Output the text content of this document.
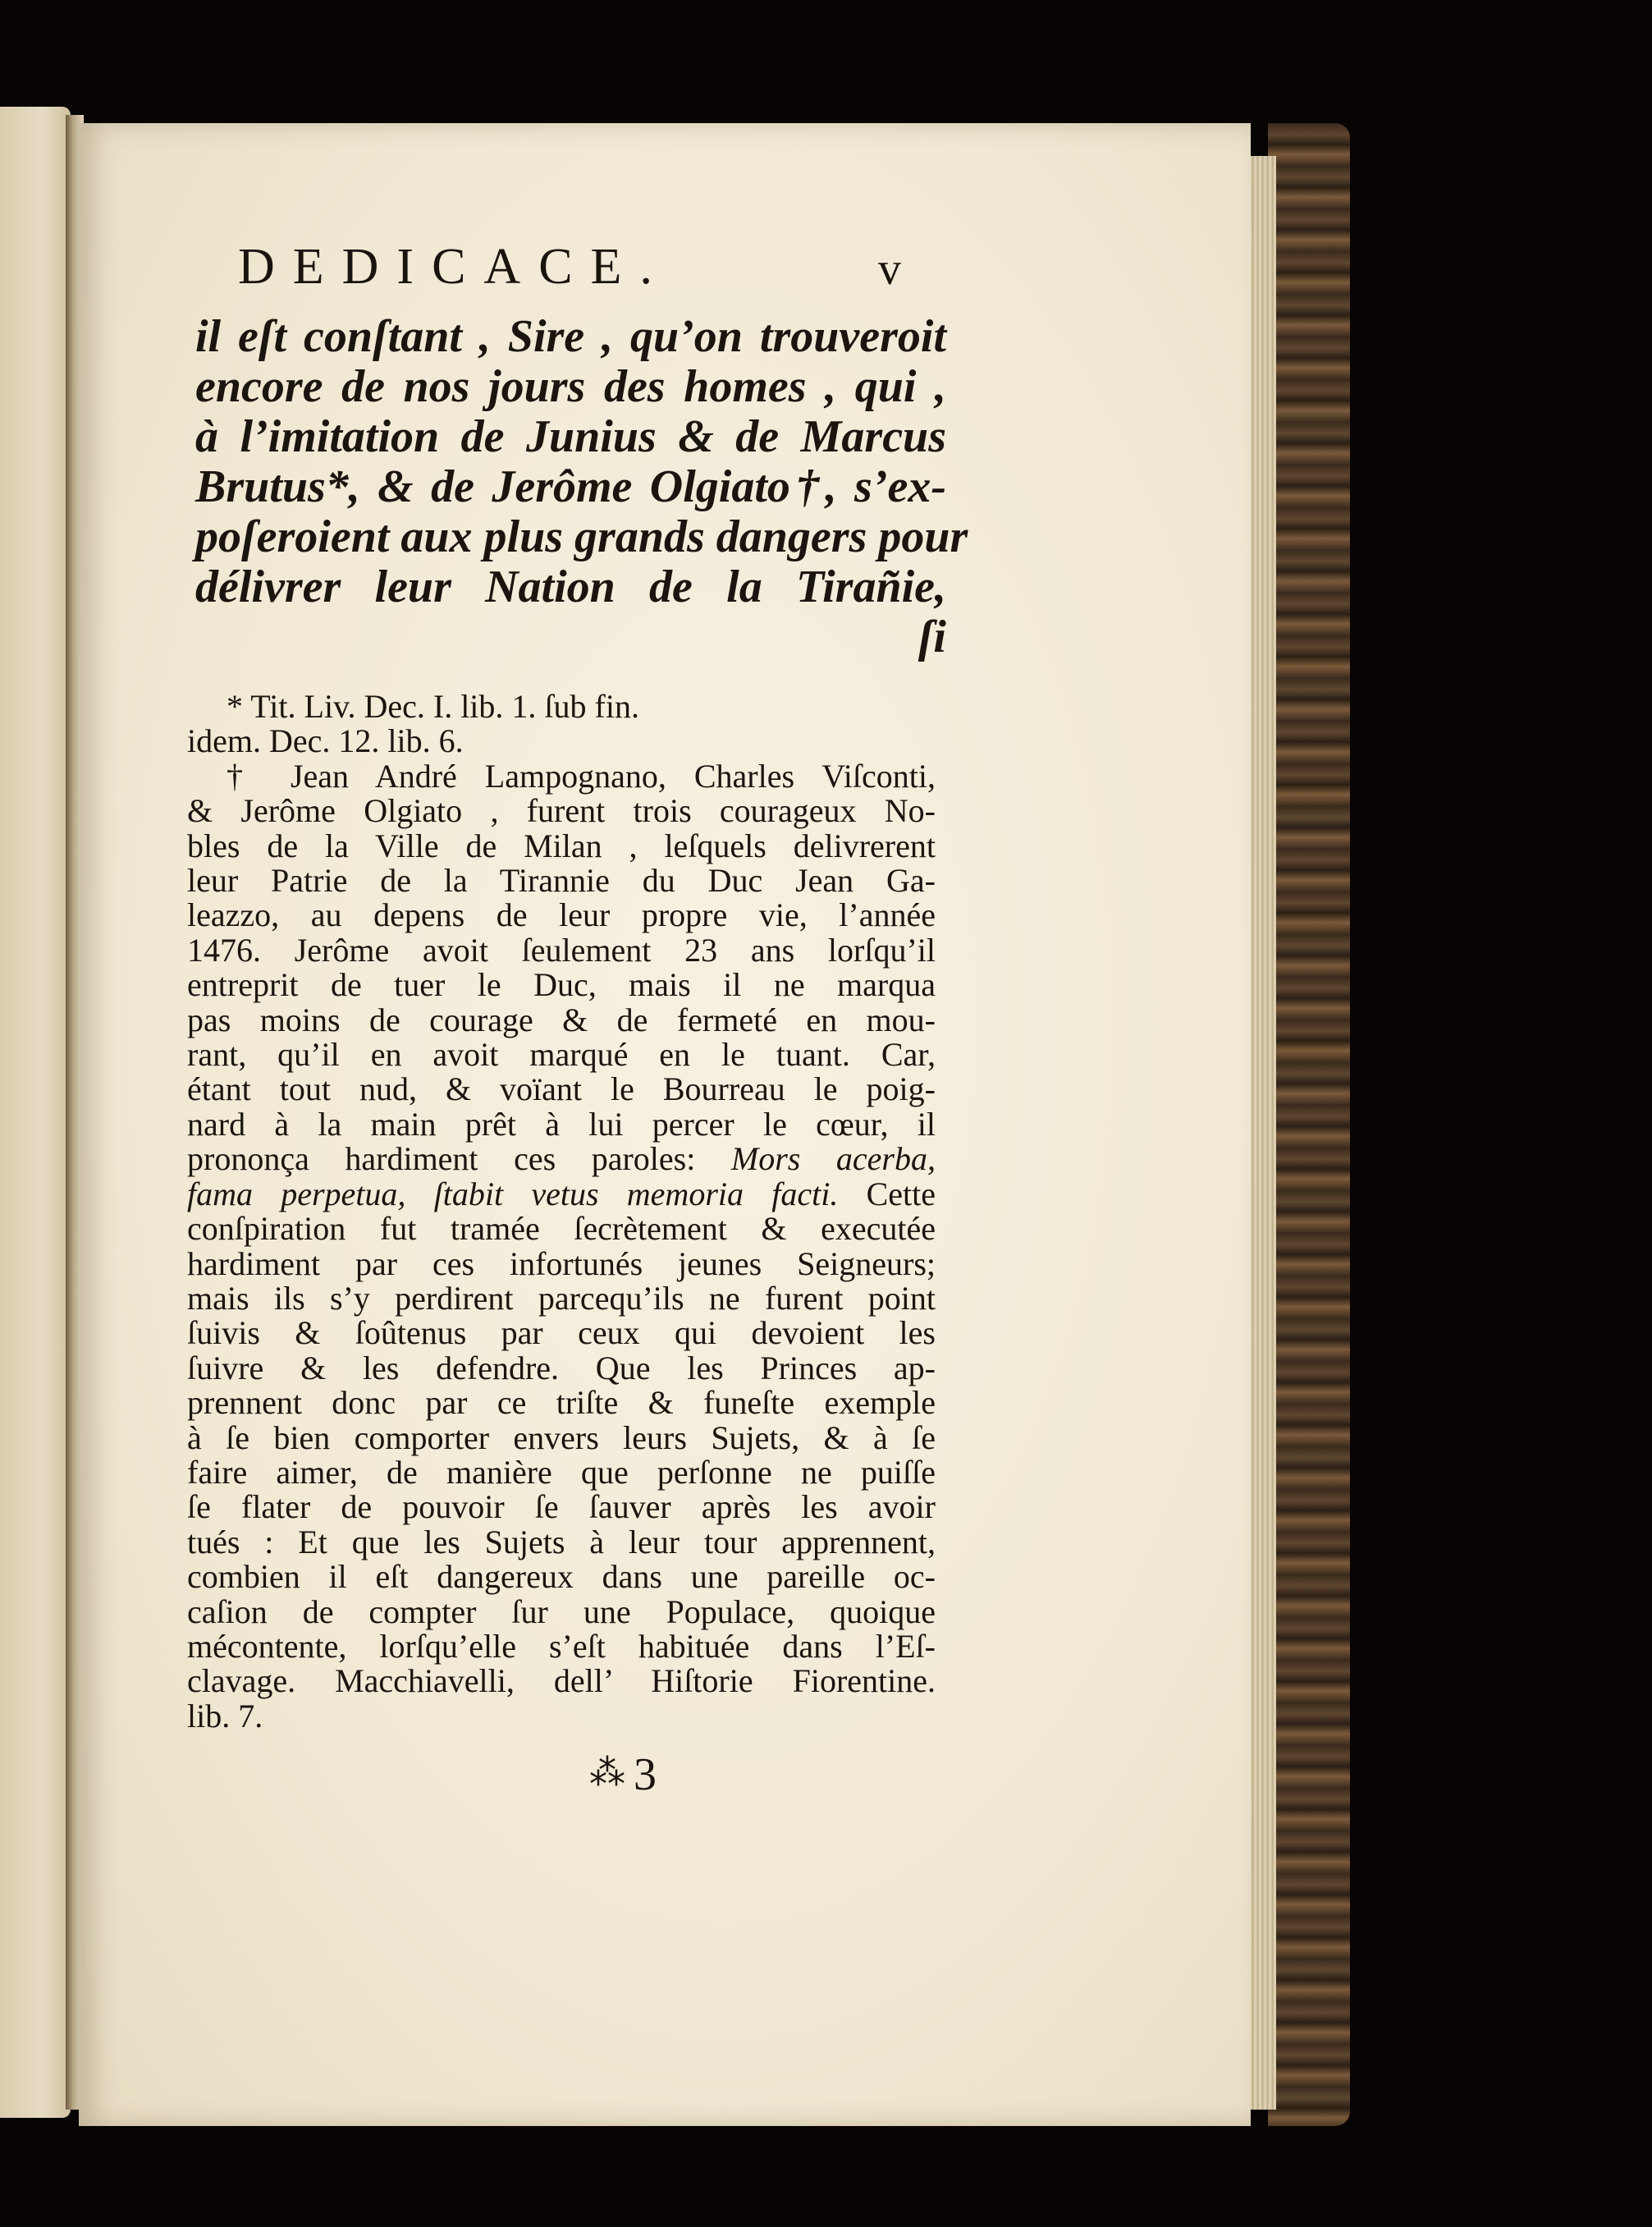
DEDICACE.	v
il eſt conſtant , Sire , qu’on trouveroit
encore de nos jours des homes , qui ,
à l’imitation de Junius & de Marcus
Brutus*, & de Jerôme Olgiato†, s’ex-
poſeroient aux plus grands dangers pour
délivrer leur Nation de la Tirañie,
ſi
* Tit. Liv. Dec. I. lib. 1. ſub fin.
idem. Dec. 12. lib. 6.
† Jean André Lampognano, Charles Viſconti,
& Jerôme Olgiato , furent trois courageux No-
bles de la Ville de Milan , leſquels delivrerent
leur Patrie de la Tirannie du Duc Jean Ga-
leazzo, au depens de leur propre vie, l’année
1476. Jerôme avoit ſeulement 23 ans lorſqu’il
entreprit de tuer le Duc, mais il ne marqua
pas moins de courage & de fermeté en mou-
rant, qu’il en avoit marqué en le tuant. Car,
étant tout nud, & voïant le Bourreau le poig-
nard à la main prêt à lui percer le cœur, il
prononça hardiment ces paroles: Mors acerba,
fama perpetua, ſtabit vetus memoria facti. Cette
conſpiration fut tramée ſecrètement & executée
hardiment par ces infortunés jeunes Seigneurs;
mais ils s’y perdirent parcequ’ils ne furent point
ſuivis & ſoûtenus par ceux qui devoient les
ſuivre & les defendre. Que les Princes ap-
prennent donc par ce triſte & funeſte exemple
à ſe bien comporter envers leurs Sujets, & à ſe
faire aimer, de manière que perſonne ne puiſſe
ſe flater de pouvoir ſe ſauver après les avoir
tués : Et que les Sujets à leur tour apprennent,
combien il eſt dangereux dans une pareille oc-
caſion de compter ſur une Populace, quoique
mécontente, lorſqu’elle s’eſt habituée dans l’Eſ-
clavage. Macchiavelli, dell’ Hiſtorie Fiorentine.
lib. 7.
⁂ 3
